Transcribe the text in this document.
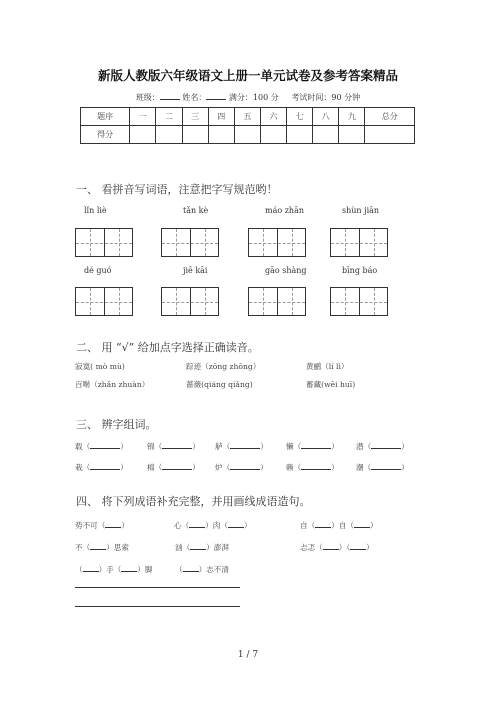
新版人教版六年级语文上册一单元试卷及参考答案精品
班级：	姓名：	满分：100 分 考试时间：90 分钟
题序	一	二	三	四	五	六	七	八	九	总分
得分										
一、 看拼音写词语，注意把字写规范哟！
lǐn liè	tǎn kè	máo zhān	shùn jiān
dé guó	jiē kāi	gāo shàng	bīng báo
二、 用 “√” 给加点字选择正确读音。
寂寞( mò mù)	踪迹（zōng zhōng）	黄鹂（lí lì）
百啭（zhǎn zhuàn）	蔷薇(qiáng qiǎng)	蓄藏(wēi huī)
三、 辨字组词。
载（	）	锦（	） 舻（	） 懒（	） 潜（	）
栽（	）	棉（	） 炉（	） 赖（	） 潮（	）
四、 将下列成语补充完整，并用画线成语造句。
势不可（ ）	心（ ）肉（ ）	自（ ）自（ ）
不（ ）思索	汹（ ）澎湃	忐忑（ ）（ ）
（ ）手（ ）脚	（ ）志不清
1 / 7
